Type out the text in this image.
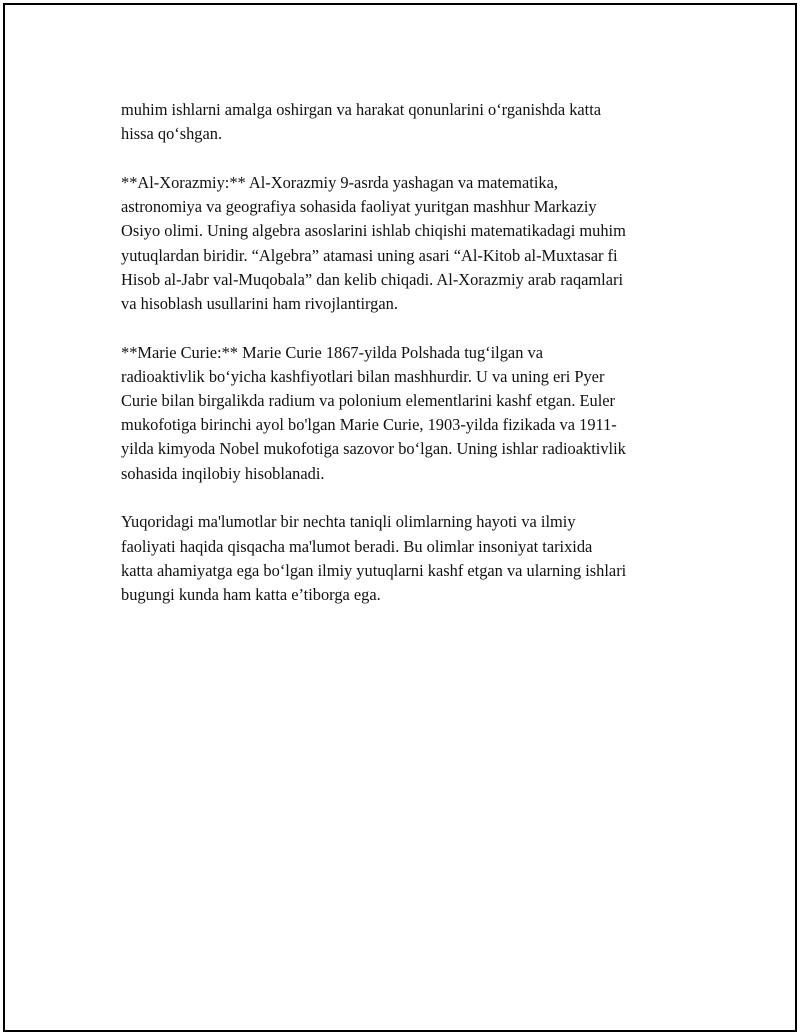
muhim ishlarni amalga oshirgan va harakat qonunlarini oʻrganishda katta
hissa qoʻshgan.

**Al-Xorazmiy:** Al-Xorazmiy 9-asrda yashagan va matematika,
astronomiya va geografiya sohasida faoliyat yuritgan mashhur Markaziy
Osiyo olimi. Uning algebra asoslarini ishlab chiqishi matematikadagi muhim
yutuqlardan biridir. “Algebra” atamasi uning asari “Al-Kitob al-Muxtasar fi
Hisob al-Jabr val-Muqobala” dan kelib chiqadi. Al-Xorazmiy arab raqamlari
va hisoblash usullarini ham rivojlantirgan.

**Marie Curie:** Marie Curie 1867-yilda Polshada tugʻilgan va
radioaktivlik boʻyicha kashfiyotlari bilan mashhurdir. U va uning eri Pyer
Curie bilan birgalikda radium va polonium elementlarini kashf etgan. Euler
mukofotiga birinchi ayol bo'lgan Marie Curie, 1903-yilda fizikada va 1911-
yilda kimyoda Nobel mukofotiga sazovor boʻlgan. Uning ishlar radioaktivlik
sohasida inqilobiy hisoblanadi.

Yuqoridagi ma'lumotlar bir nechta taniqli olimlarning hayoti va ilmiy
faoliyati haqida qisqacha ma'lumot beradi. Bu olimlar insoniyat tarixida
katta ahamiyatga ega boʻlgan ilmiy yutuqlarni kashf etgan va ularning ishlari
bugungi kunda ham katta e’tiborga ega.
